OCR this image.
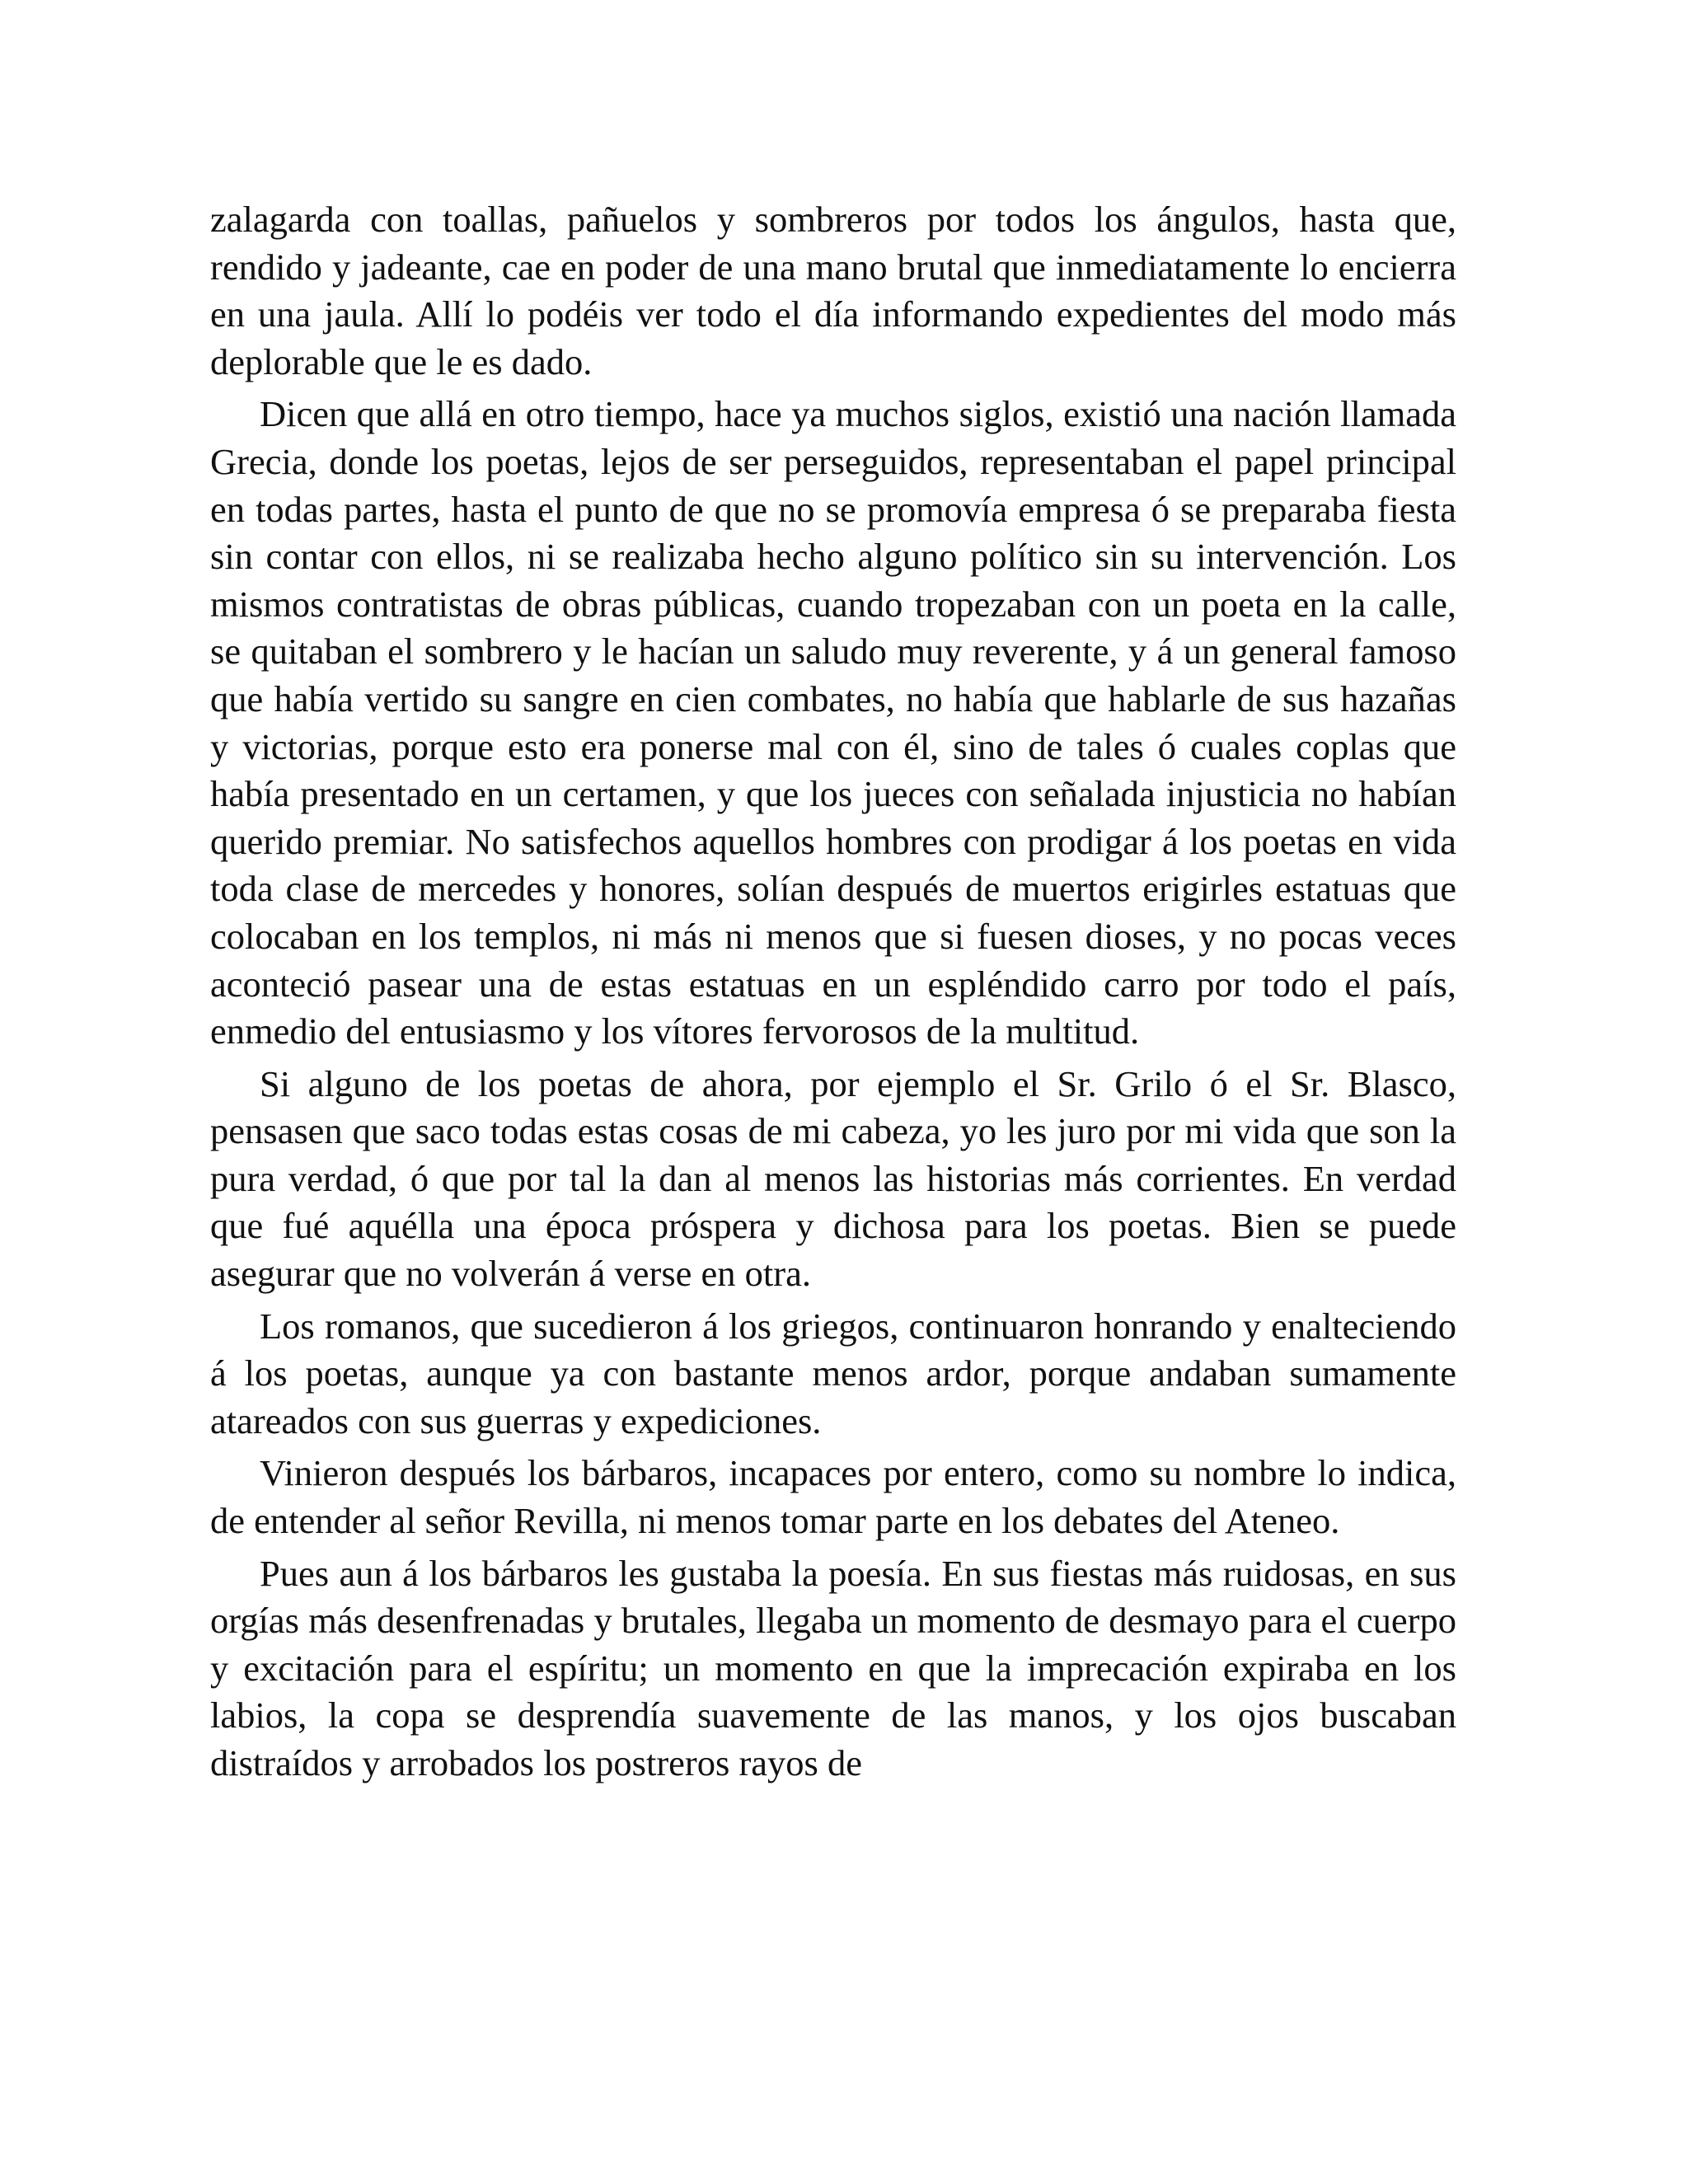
zalagarda con toallas, pañuelos y sombreros por todos los ángulos, hasta que, rendido y jadeante, cae en poder de una mano brutal que inmediatamente lo encierra en una jaula. Allí lo podéis ver todo el día informando expedientes del modo más deplorable que le es dado.

Dicen que allá en otro tiempo, hace ya muchos siglos, existió una nación llamada Grecia, donde los poetas, lejos de ser perseguidos, representaban el papel principal en todas partes, hasta el punto de que no se promovía empresa ó se preparaba fiesta sin contar con ellos, ni se realizaba hecho alguno político sin su intervención. Los mismos contratistas de obras públicas, cuando tropezaban con un poeta en la calle, se quitaban el sombrero y le hacían un saludo muy reverente, y á un general famoso que había vertido su sangre en cien combates, no había que hablarle de sus hazañas y victorias, porque esto era ponerse mal con él, sino de tales ó cuales coplas que había presentado en un certamen, y que los jueces con señalada injusticia no habían querido premiar. No satisfechos aquellos hombres con prodigar á los poetas en vida toda clase de mercedes y honores, solían después de muertos erigirles estatuas que colocaban en los templos, ni más ni menos que si fuesen dioses, y no pocas veces aconteció pasear una de estas estatuas en un espléndido carro por todo el país, enmedio del entusiasmo y los vítores fervorosos de la multitud.

Si alguno de los poetas de ahora, por ejemplo el Sr. Grilo ó el Sr. Blasco, pensasen que saco todas estas cosas de mi cabeza, yo les juro por mi vida que son la pura verdad, ó que por tal la dan al menos las historias más corrientes. En verdad que fué aquélla una época próspera y dichosa para los poetas. Bien se puede asegurar que no volverán á verse en otra.

Los romanos, que sucedieron á los griegos, continuaron honrando y enalteciendo á los poetas, aunque ya con bastante menos ardor, porque andaban sumamente atareados con sus guerras y expediciones.

Vinieron después los bárbaros, incapaces por entero, como su nombre lo indica, de entender al señor Revilla, ni menos tomar parte en los debates del Ateneo.

Pues aun á los bárbaros les gustaba la poesía. En sus fiestas más ruidosas, en sus orgías más desenfrenadas y brutales, llegaba un momento de desmayo para el cuerpo y excitación para el espíritu; un momento en que la imprecación expiraba en los labios, la copa se desprendía suavemente de las manos, y los ojos buscaban distraídos y arrobados los postreros rayos de
